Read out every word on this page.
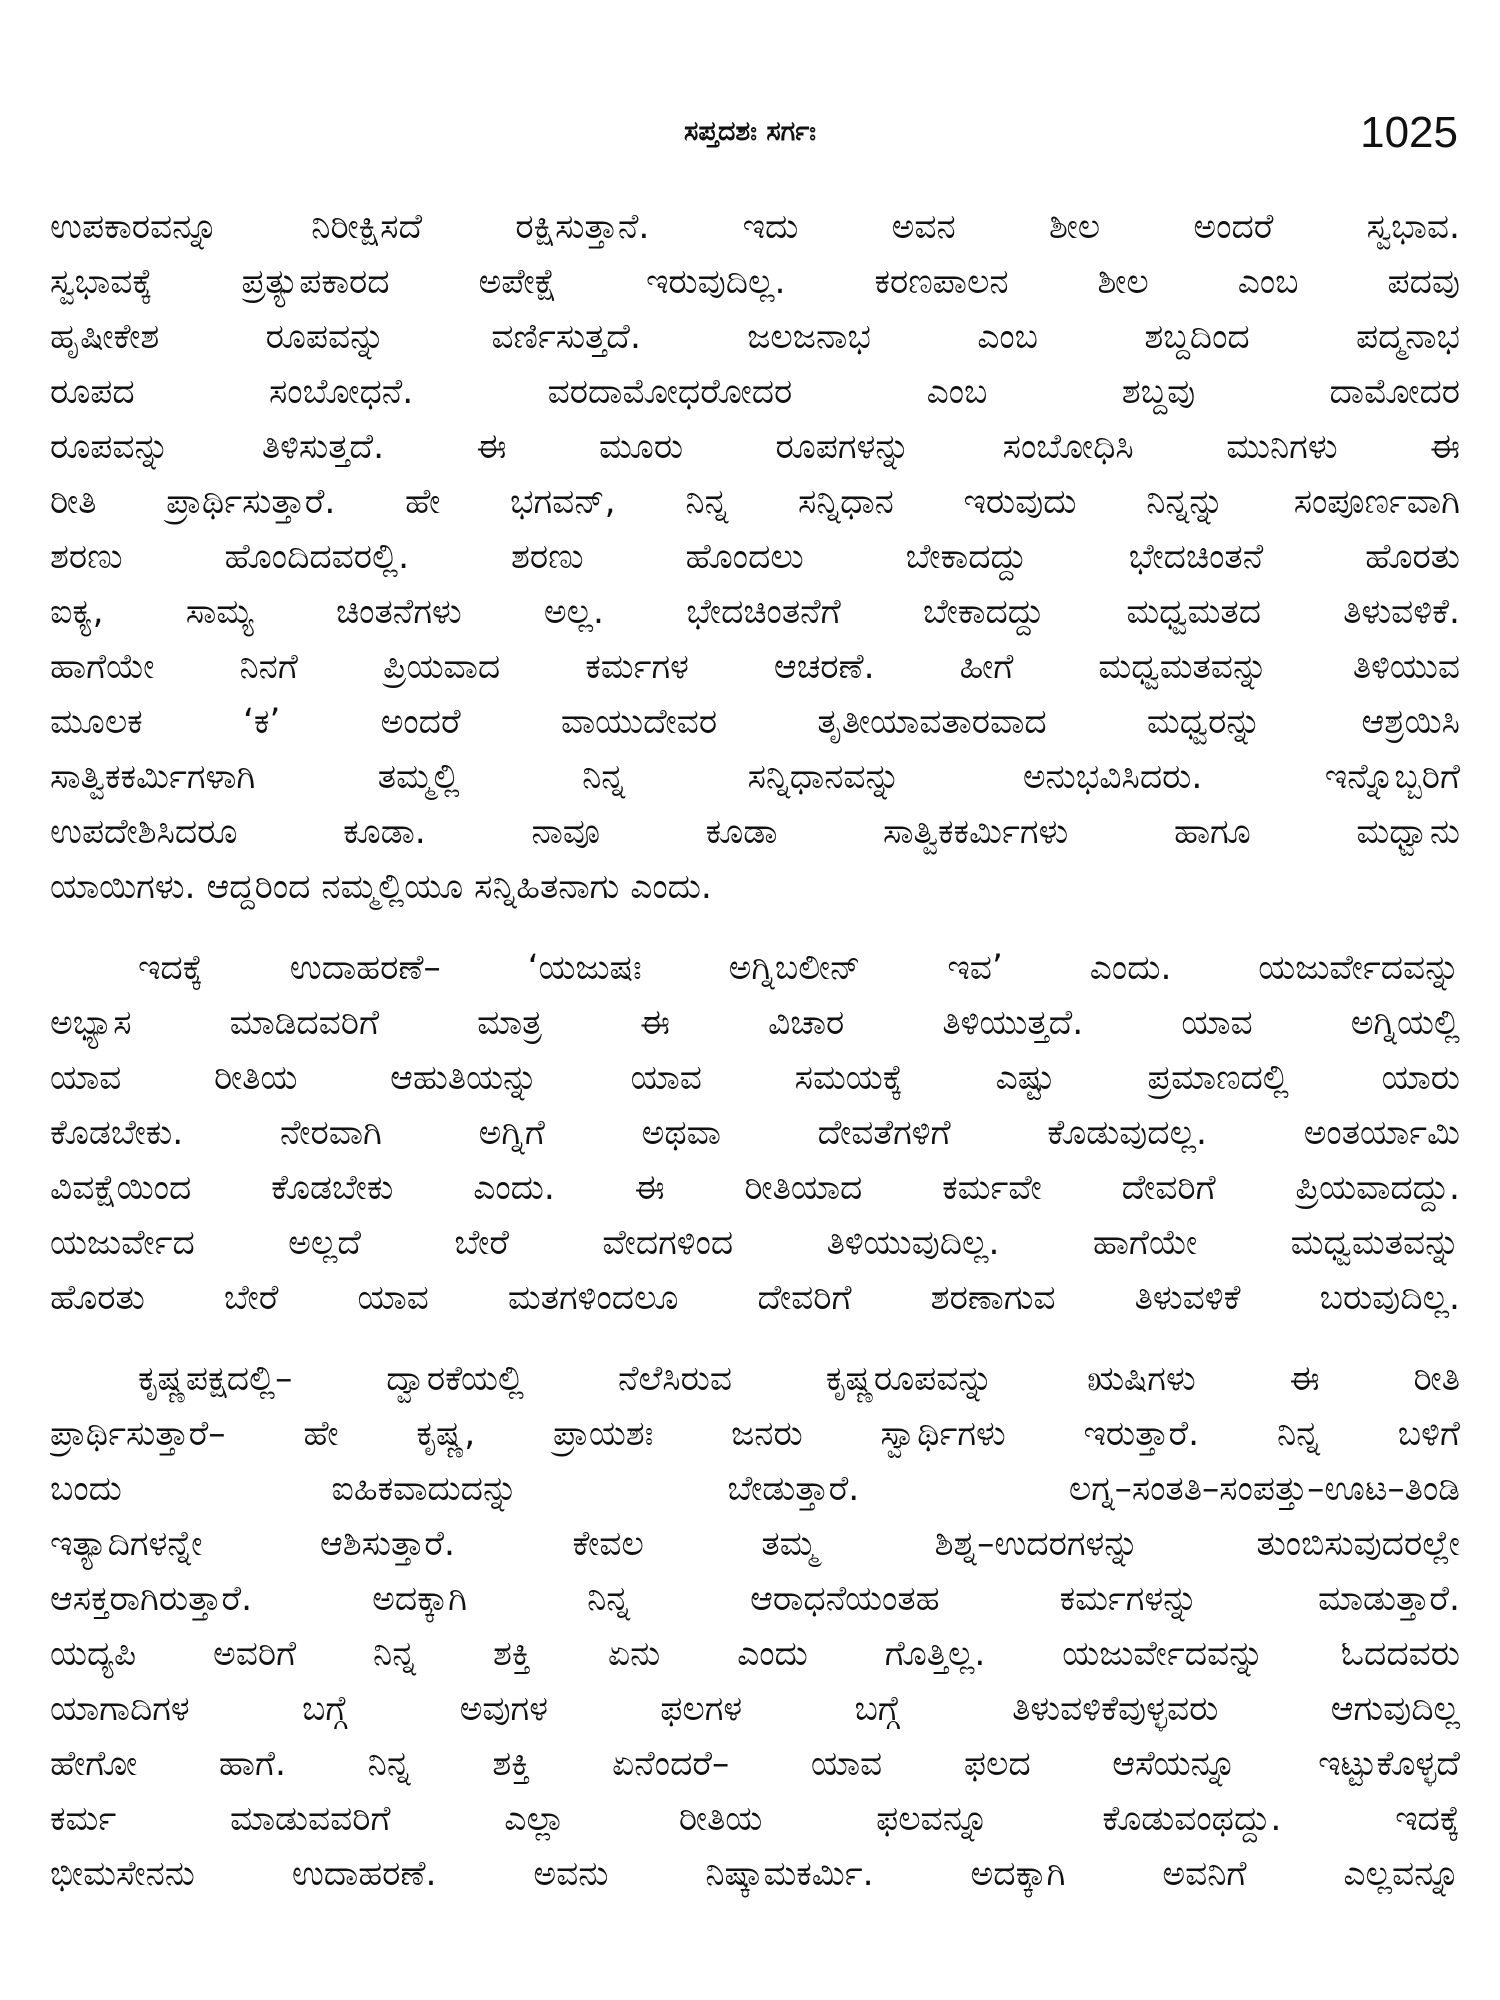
ಸಪ್ತದಶಃ ಸರ್ಗಃ	1025
ಉಪಕಾರವನ್ನೂ ನಿರೀಕ್ಷಿಸದೆ ರಕ್ಷಿಸುತ್ತಾನೆ. ಇದು ಅವನ ಶೀಲ ಅಂದರೆ ಸ್ವಭಾವ.
ಸ್ವಭಾವಕ್ಕೆ ಪ್ರತ್ಯುಪಕಾರದ ಅಪೇಕ್ಷೆ ಇರುವುದಿಲ್ಲ. ಕರಣಪಾಲನ ಶೀಲ ಎಂಬ ಪದವು
ಹೃಷೀಕೇಶ ರೂಪವನ್ನು ವರ್ಣಿಸುತ್ತದೆ. ಜಲಜನಾಭ ಎಂಬ ಶಬ್ದದಿಂದ ಪದ್ಮನಾಭ
ರೂಪದ ಸಂಬೋಧನೆ. ವರದಾಮೋಧರೋದರ ಎಂಬ ಶಬ್ದವು ದಾಮೋದರ
ರೂಪವನ್ನು ತಿಳಿಸುತ್ತದೆ. ಈ ಮೂರು ರೂಪಗಳನ್ನು ಸಂಬೋಧಿಸಿ ಮುನಿಗಳು ಈ
ರೀತಿ ಪ್ರಾರ್ಥಿಸುತ್ತಾರೆ. ಹೇ ಭಗವನ್, ನಿನ್ನ ಸನ್ನಿಧಾನ ಇರುವುದು ನಿನ್ನನ್ನು ಸಂಪೂರ್ಣವಾಗಿ
ಶರಣು ಹೊಂದಿದವರಲ್ಲಿ. ಶರಣು ಹೊಂದಲು ಬೇಕಾದದ್ದು ಭೇದಚಿಂತನೆ ಹೊರತು
ಐಕ್ಯ, ಸಾಮ್ಯ ಚಿಂತನೆಗಳು ಅಲ್ಲ. ಭೇದಚಿಂತನೆಗೆ ಬೇಕಾದದ್ದು ಮಧ್ವಮತದ ತಿಳುವಳಿಕೆ.
ಹಾಗೆಯೇ ನಿನಗೆ ಪ್ರಿಯವಾದ ಕರ್ಮಗಳ ಆಚರಣೆ. ಹೀಗೆ ಮಧ್ವಮತವನ್ನು ತಿಳಿಯುವ
ಮೂಲಕ ‘ಕ’ ಅಂದರೆ ವಾಯುದೇವರ ತೃತೀಯಾವತಾರವಾದ ಮಧ್ವರನ್ನು ಆಶ್ರಯಿಸಿ
ಸಾತ್ವಿಕಕರ್ಮಿಗಳಾಗಿ ತಮ್ಮಲ್ಲಿ ನಿನ್ನ ಸನ್ನಿಧಾನವನ್ನು ಅನುಭವಿಸಿದರು. ಇನ್ನೊಬ್ಬರಿಗೆ
ಉಪದೇಶಿಸಿದರೂ ಕೂಡಾ. ನಾವೂ ಕೂಡಾ ಸಾತ್ವಿಕಕರ್ಮಿಗಳು ಹಾಗೂ ಮಧ್ವಾನು
ಯಾಯಿಗಳು. ಆದ್ದರಿಂದ ನಮ್ಮಲ್ಲಿಯೂ ಸನ್ನಿಹಿತನಾಗು ಎಂದು.
ಇದಕ್ಕೆ ಉದಾಹರಣೆ– ‘ಯಜುಷಃ ಅಗ್ನಿಬಲೀನ್ ಇವ’ ಎಂದು. ಯಜುರ್ವೇದವನ್ನು
ಅಭ್ಯಾಸ ಮಾಡಿದವರಿಗೆ ಮಾತ್ರ ಈ ವಿಚಾರ ತಿಳಿಯುತ್ತದೆ. ಯಾವ ಅಗ್ನಿಯಲ್ಲಿ
ಯಾವ ರೀತಿಯ ಆಹುತಿಯನ್ನು ಯಾವ ಸಮಯಕ್ಕೆ ಎಷ್ಟು ಪ್ರಮಾಣದಲ್ಲಿ ಯಾರು
ಕೊಡಬೇಕು. ನೇರವಾಗಿ ಅಗ್ನಿಗೆ ಅಥವಾ ದೇವತೆಗಳಿಗೆ ಕೊಡುವುದಲ್ಲ. ಅಂತರ್ಯಾಮಿ
ವಿವಕ್ಷೆಯಿಂದ ಕೊಡಬೇಕು ಎಂದು. ಈ ರೀತಿಯಾದ ಕರ್ಮವೇ ದೇವರಿಗೆ ಪ್ರಿಯವಾದದ್ದು.
ಯಜುರ್ವೇದ ಅಲ್ಲದೆ ಬೇರೆ ವೇದಗಳಿಂದ ತಿಳಿಯುವುದಿಲ್ಲ. ಹಾಗೆಯೇ ಮಧ್ವಮತವನ್ನು
ಹೊರತು ಬೇರೆ ಯಾವ ಮತಗಳಿಂದಲೂ ದೇವರಿಗೆ ಶರಣಾಗುವ ತಿಳುವಳಿಕೆ ಬರುವುದಿಲ್ಲ.
ಕೃಷ್ಣಪಕ್ಷದಲ್ಲಿ– ದ್ವಾರಕೆಯಲ್ಲಿ ನೆಲೆಸಿರುವ ಕೃಷ್ಣರೂಪವನ್ನು ಋಷಿಗಳು ಈ ರೀತಿ
ಪ್ರಾರ್ಥಿಸುತ್ತಾರೆ– ಹೇ ಕೃಷ್ಣ, ಪ್ರಾಯಶಃ ಜನರು ಸ್ವಾರ್ಥಿಗಳು ಇರುತ್ತಾರೆ. ನಿನ್ನ ಬಳಿಗೆ
ಬಂದು ಐಹಿಕವಾದುದನ್ನು ಬೇಡುತ್ತಾರೆ. ಲಗ್ನ–ಸಂತತಿ–ಸಂಪತ್ತು–ಊಟ–ತಿಂಡಿ
ಇತ್ಯಾದಿಗಳನ್ನೇ ಆಶಿಸುತ್ತಾರೆ. ಕೇವಲ ತಮ್ಮ ಶಿಶ್ನ–ಉದರಗಳನ್ನು ತುಂಬಿಸುವುದರಲ್ಲೇ
ಆಸಕ್ತರಾಗಿರುತ್ತಾರೆ. ಅದಕ್ಕಾಗಿ ನಿನ್ನ ಆರಾಧನೆಯಂತಹ ಕರ್ಮಗಳನ್ನು ಮಾಡುತ್ತಾರೆ.
ಯದ್ಯಪಿ ಅವರಿಗೆ ನಿನ್ನ ಶಕ್ತಿ ಏನು ಎಂದು ಗೊತ್ತಿಲ್ಲ. ಯಜುರ್ವೇದವನ್ನು ಓದದವರು
ಯಾಗಾದಿಗಳ ಬಗ್ಗೆ ಅವುಗಳ ಫಲಗಳ ಬಗ್ಗೆ ತಿಳುವಳಿಕೆವುಳ್ಳವರು ಆಗುವುದಿಲ್ಲ
ಹೇಗೋ ಹಾಗೆ. ನಿನ್ನ ಶಕ್ತಿ ಏನೆಂದರೆ– ಯಾವ ಫಲದ ಆಸೆಯನ್ನೂ ಇಟ್ಟುಕೊಳ್ಳದೆ
ಕರ್ಮ ಮಾಡುವವರಿಗೆ ಎಲ್ಲಾ ರೀತಿಯ ಫಲವನ್ನೂ ಕೊಡುವಂಥದ್ದು. ಇದಕ್ಕೆ
ಭೀಮಸೇನನು ಉದಾಹರಣೆ. ಅವನು ನಿಷ್ಕಾಮಕರ್ಮಿ. ಅದಕ್ಕಾಗಿ ಅವನಿಗೆ ಎಲ್ಲವನ್ನೂ
